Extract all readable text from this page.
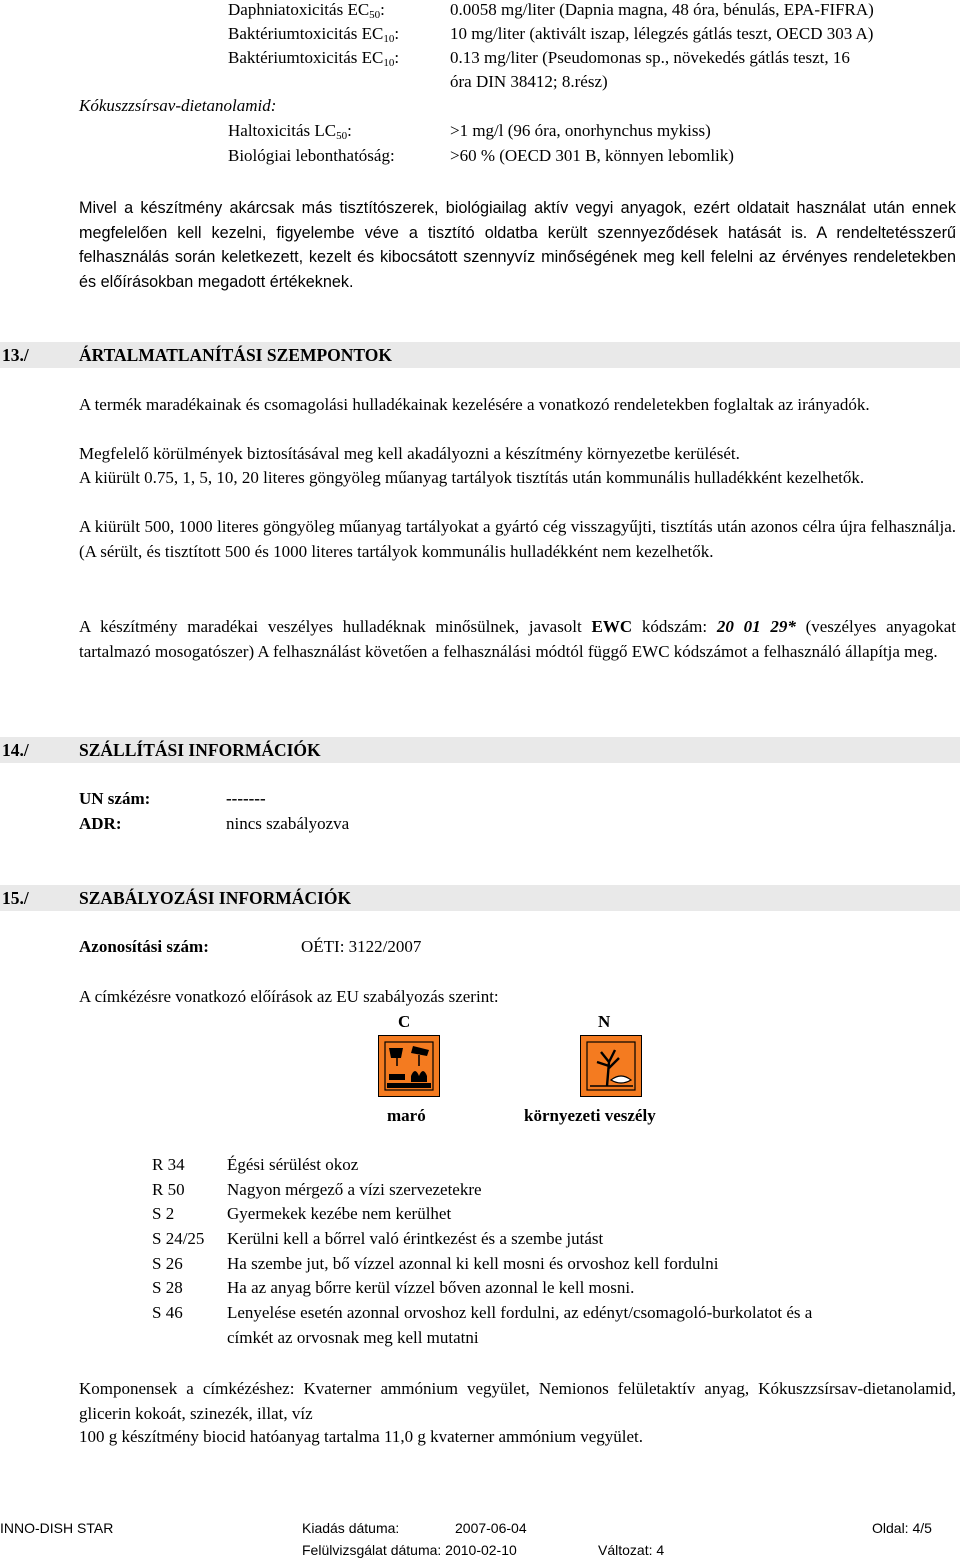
Daphniatoxicitás $EC_{50}$:	0.0058 mg/liter (Dapnia magna, 48 óra, bénulás, EPA-FIFRA)
Baktériumtoxicitás $EC_{10}$:	10 mg/liter (aktivált iszap, lélegzés gátlás teszt, OECD 303 A)
Baktériumtoxicitás $EC_{10}$:	0.13 mg/liter (Pseudomonas sp., növekedés gátlás teszt, 16
óra DIN 38412; 8.rész)
Kókuszzsírsav-dietanolamid:
Haltoxicitás $LC_{50}$:	>1 mg/l (96 óra, onorhynchus mykiss)
Biológiai lebonthatóság:	>60 % (OECD 301 B, könnyen lebomlik)
Mivel a készítmény akárcsak más tisztítószerek, biológiailag aktív vegyi anyagok, ezért oldatait használat után ennek megfelelően kell kezelni, figyelembe véve a tisztító oldatba került szennyeződések hatását is. A rendeltetésszerű felhasználás során keletkezett, kezelt és kibocsátott szennyvíz minőségének meg kell felelni az érvényes rendeletekben és előírásokban megadott értékeknek.
13./	ÁRTALMATLANÍTÁSI SZEMPONTOK
A termék maradékainak és csomagolási hulladékainak kezelésére a vonatkozó rendeletekben foglaltak az irányadók.
Megfelelő körülmények biztosításával meg kell akadályozni a készítmény környezetbe kerülését.
A kiürült 0.75, 1, 5, 10, 20 literes göngyöleg műanyag tartályok tisztítás után kommunális hulladékként kezelhetők.
A kiürült 500, 1000 literes göngyöleg műanyag tartályokat a gyártó cég visszagyűjti, tisztítás után azonos célra újra felhasználja. (A sérült, és tisztított 500 és 1000 literes tartályok kommunális hulladékként nem kezelhetők.
A készítmény maradékai veszélyes hulladéknak minősülnek, javasolt EWC kódszám: 20 01 29* (veszélyes anyagokat tartalmazó mosogatószer) A felhasználást követően a felhasználási módtól függő EWC kódszámot a felhasználó állapítja meg.
14./	SZÁLLÍTÁSI INFORMÁCIÓK
UN szám:	-------
ADR:	nincs szabályozva
15./	SZABÁLYOZÁSI INFORMÁCIÓK
Azonosítási szám:	OÉTI: 3122/2007
A címkézésre vonatkozó előírások az EU szabályozás szerint:
C	N
maró	környezeti veszély
R 34 Égési sérülést okoz
R 50 Nagyon mérgező a vízi szervezetekre
S 2	Gyermekek kezébe nem kerülhet
S 24/25 Kerülni kell a bőrrel való érintkezést és a szembe jutást
S 26	Ha szembe jut, bő vízzel azonnal ki kell mosni és orvoshoz kell fordulni
S 28	Ha az anyag bőrre kerül vízzel bőven azonnal le kell mosni.
S 46	Lenyelése esetén azonnal orvoshoz kell fordulni, az edényt/csomagoló-burkolatot és a
címkét az orvosnak meg kell mutatni
Komponensek a címkézéshez: Kvaterner ammónium vegyület, Nemionos felületaktív anyag, Kókuszzsírsav-dietanolamid, glicerin kokoát, szinezék, illat, víz
100 g készítmény biocid hatóanyag tartalma 11,0 g kvaterner ammónium vegyület.
INNO-DISH STAR	Kiadás dátuma:	2007-06-04	Oldal: 4/5
Felülvizsgálat dátuma: 2010-02-10	Változat: 4
